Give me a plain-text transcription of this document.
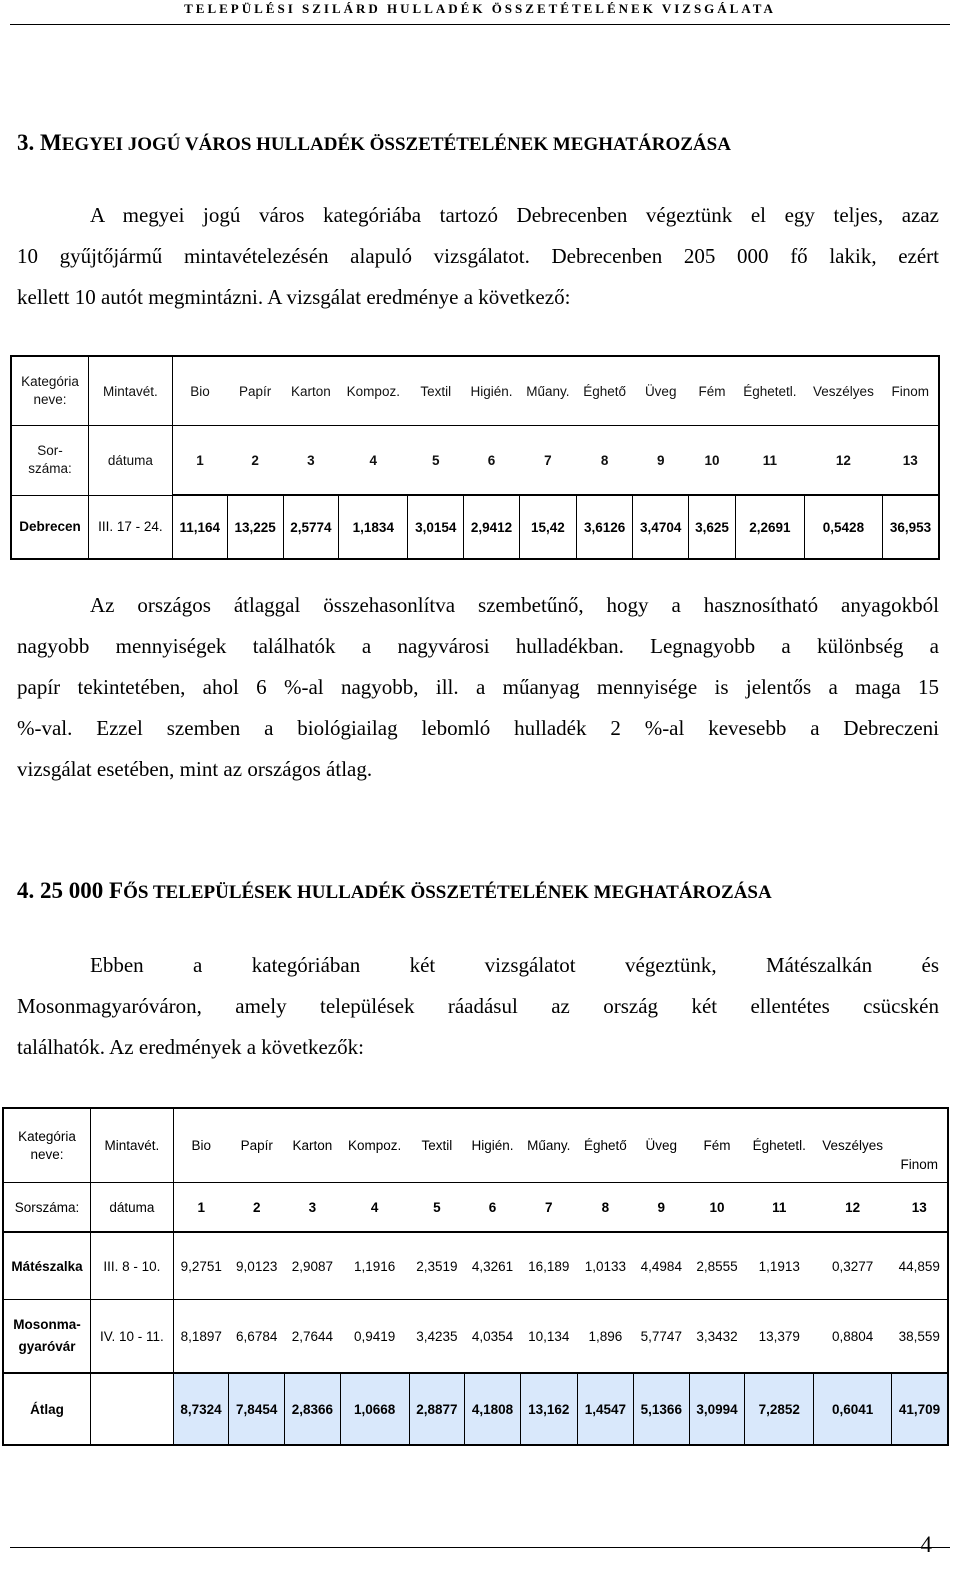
TELEPÜLÉSI SZILÁRD HULLADÉK ÖSSZETÉTELÉNEK VIZSGÁLATA
3. MEGYEI JOGÚ VÁROS HULLADÉK ÖSSZETÉTELÉNEK MEGHATÁROZÁSA

A megyei jogú város kategóriába tartozó Debrecenben végeztünk el egy teljes, azaz
10 gyűjtőjármű mintavételezésén alapuló vizsgálatot. Debrecenben 205 000 fő lakik, ezért
kellett 10 autót megmintázni. A vizsgálat eredménye a következő:

Kategória neve:	Mintavét.	Bio	Papír	Karton	Kompoz.	Textil	Higién.	Műany.	Éghető	Üveg	Fém	Éghetetl.	Veszélyes	Finom
Sor- száma:	dátuma	1	2	3	4	5	6	7	8	9	10	11	12	13
Debrecen	III. 17 - 24.	11,164	13,225	2,5774	1,1834	3,0154	2,9412	15,42	3,6126	3,4704	3,625	2,2691	0,5428	36,953

Az országos átlaggal összehasonlítva szembetűnő, hogy a hasznosítható anyagokból
nagyobb mennyiségek találhatók a nagyvárosi hulladékban. Legnagyobb a különbség a
papír tekintetében, ahol 6 %-al nagyobb, ill. a műanyag mennyisége is jelentős a maga 15
%-val. Ezzel szemben a biológiailag lebomló hulladék 2 %-al kevesebb a Debreczeni
vizsgálat esetében, mint az országos átlag.

4. 25 000 FŐS TELEPÜLÉSEK HULLADÉK ÖSSZETÉTELÉNEK MEGHATÁROZÁSA

Ebben a kategóriában két vizsgálatot végeztünk, Mátészalkán és
Mosonmagyaróváron, amely települések ráadásul az ország két ellentétes csücskén
találhatók. Az eredmények a következők:

Kategória neve:	Mintavét.	Bio	Papír	Karton	Kompoz.	Textil	Higién.	Műany.	Éghető	Üveg	Fém	Éghetetl.	Veszélyes	Finom
Sorszáma:	dátuma	1	2	3	4	5	6	7	8	9	10	11	12	13
Mátészalka	III. 8 - 10.	9,2751	9,0123	2,9087	1,1916	2,3519	4,3261	16,189	1,0133	4,4984	2,8555	1,1913	0,3277	44,859
Mosonma- gyaróvár	IV. 10 - 11.	8,1897	6,6784	2,7644	0,9419	3,4235	4,0354	10,134	1,896	5,7747	3,3432	13,379	0,8804	38,559
Átlag		8,7324	7,8454	2,8366	1,0668	2,8877	4,1808	13,162	1,4547	5,1366	3,0994	7,2852	0,6041	41,709
4
